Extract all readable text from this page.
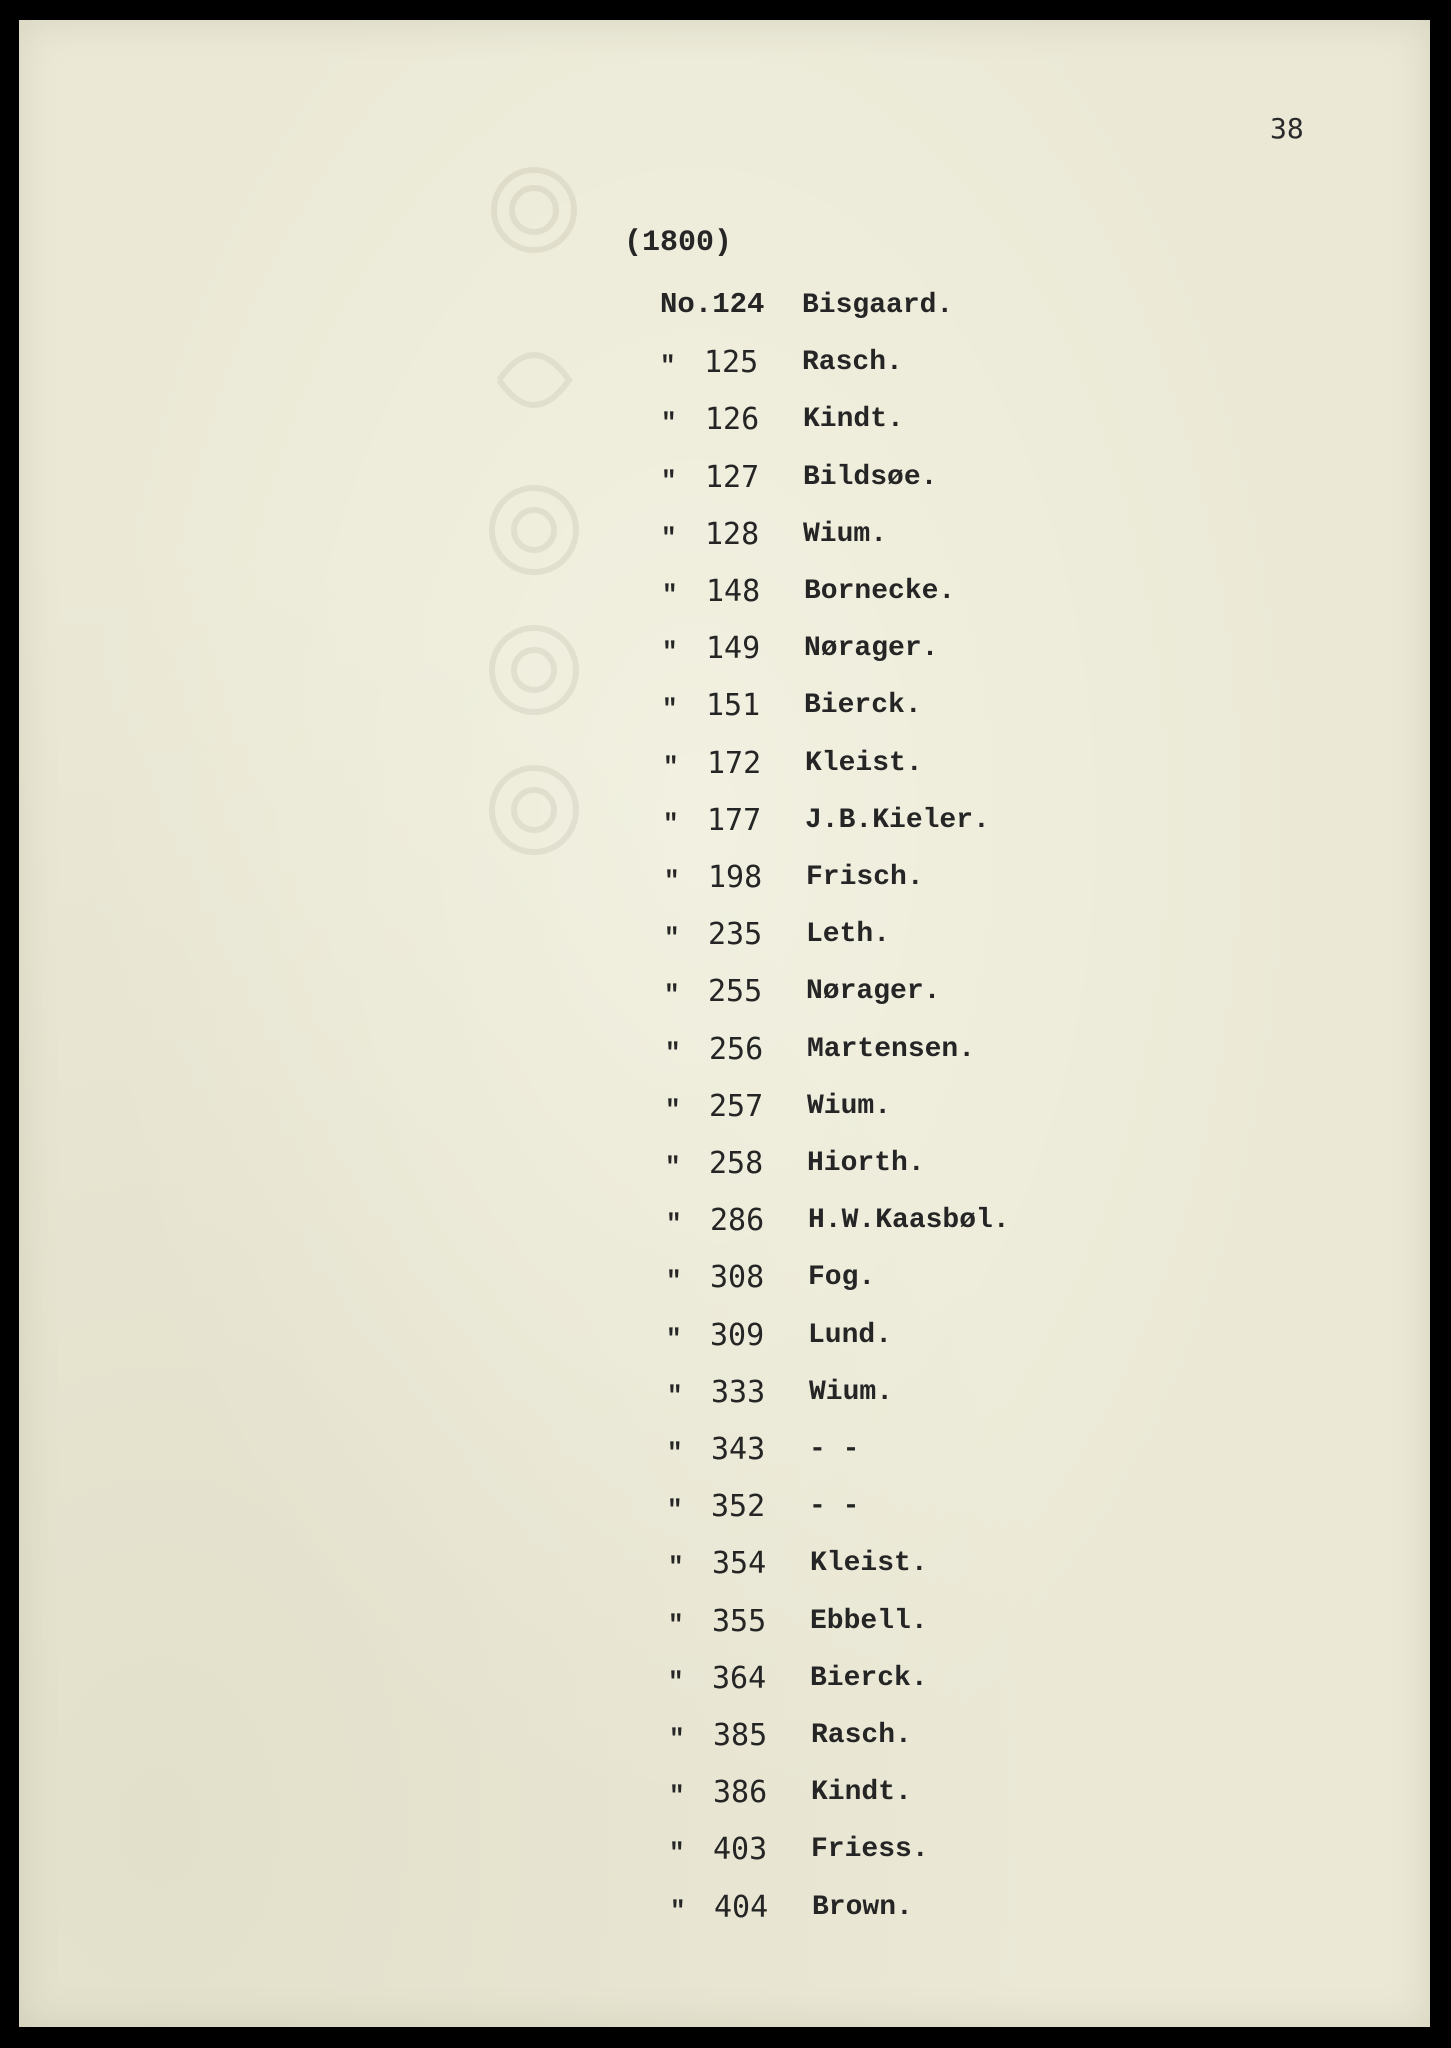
38
(1800)
No.124 Bisgaard.
" 125 Rasch.
" 126 Kindt.
" 127 Bildsøe.
" 128 Wium.
" 148 Bornecke.
" 149 Nørager.
" 151 Bierck.
" 172 Kleist.
" 177 J.B.Kieler.
" 198 Frisch.
" 235 Leth.
" 255 Nørager.
" 256 Martensen.
" 257 Wium.
" 258 Hiorth.
" 286 H.W.Kaasbøl.
" 308 Fog.
" 309 Lund.
" 333 Wium.
" 343 - -
" 352 - -
" 354 Kleist.
" 355 Ebbell.
" 364 Bierck.
" 385 Rasch.
" 386 Kindt.
" 403 Friess.
" 404 Brown.
